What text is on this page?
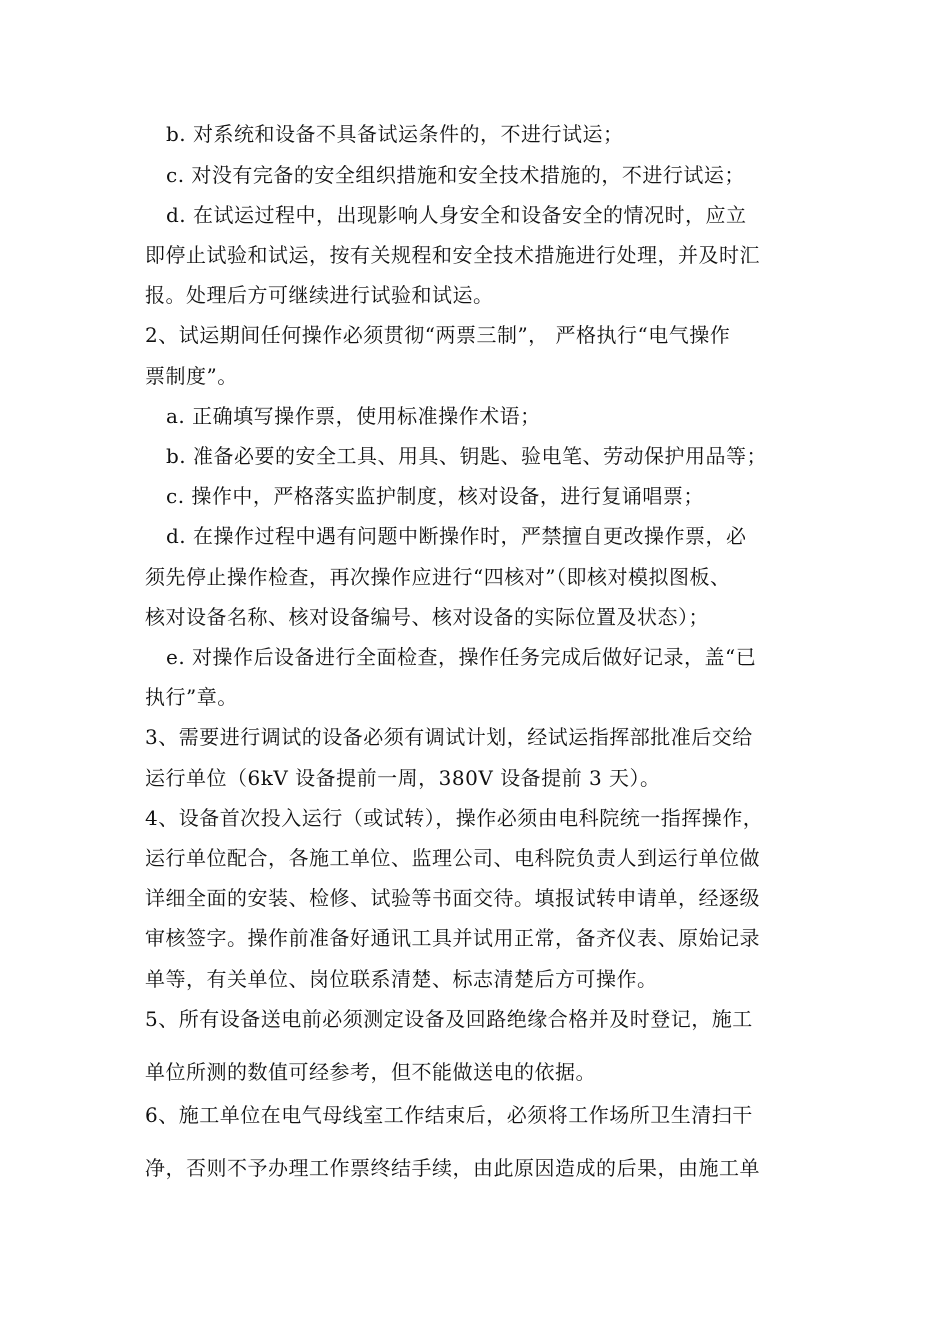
b. 对系统和设备不具备试运条件的，不进行试运；
c. 对没有完备的安全组织措施和安全技术措施的，不进行试运；
d. 在试运过程中，出现影响人身安全和设备安全的情况时，应立
即停止试验和试运，按有关规程和安全技术措施进行处理，并及时汇
报。处理后方可继续进行试验和试运。
2、试运期间任何操作必须贯彻“两票三制”， 严格执行“电气操作
票制度”。
a. 正确填写操作票，使用标准操作术语；
b. 准备必要的安全工具、用具、钥匙、验电笔、劳动保护用品等；
c. 操作中，严格落实监护制度，核对设备，进行复诵唱票；
d. 在操作过程中遇有问题中断操作时，严禁擅自更改操作票，必
须先停止操作检查，再次操作应进行“四核对”（即核对模拟图板、
核对设备名称、核对设备编号、核对设备的实际位置及状态）；
e. 对操作后设备进行全面检查，操作任务完成后做好记录，盖“已
执行”章。
3、需要进行调试的设备必须有调试计划，经试运指挥部批准后交给
运行单位（6kV 设备提前一周，380V 设备提前 3 天）。
4、设备首次投入运行（或试转），操作必须由电科院统一指挥操作，
运行单位配合，各施工单位、监理公司、电科院负责人到运行单位做
详细全面的安装、检修、试验等书面交待。填报试转申请单，经逐级
审核签字。操作前准备好通讯工具并试用正常，备齐仪表、原始记录
单等，有关单位、岗位联系清楚、标志清楚后方可操作。
5、所有设备送电前必须测定设备及回路绝缘合格并及时登记，施工
单位所测的数值可经参考，但不能做送电的依据。
6、施工单位在电气母线室工作结束后，必须将工作场所卫生清扫干
净，否则不予办理工作票终结手续，由此原因造成的后果，由施工单
